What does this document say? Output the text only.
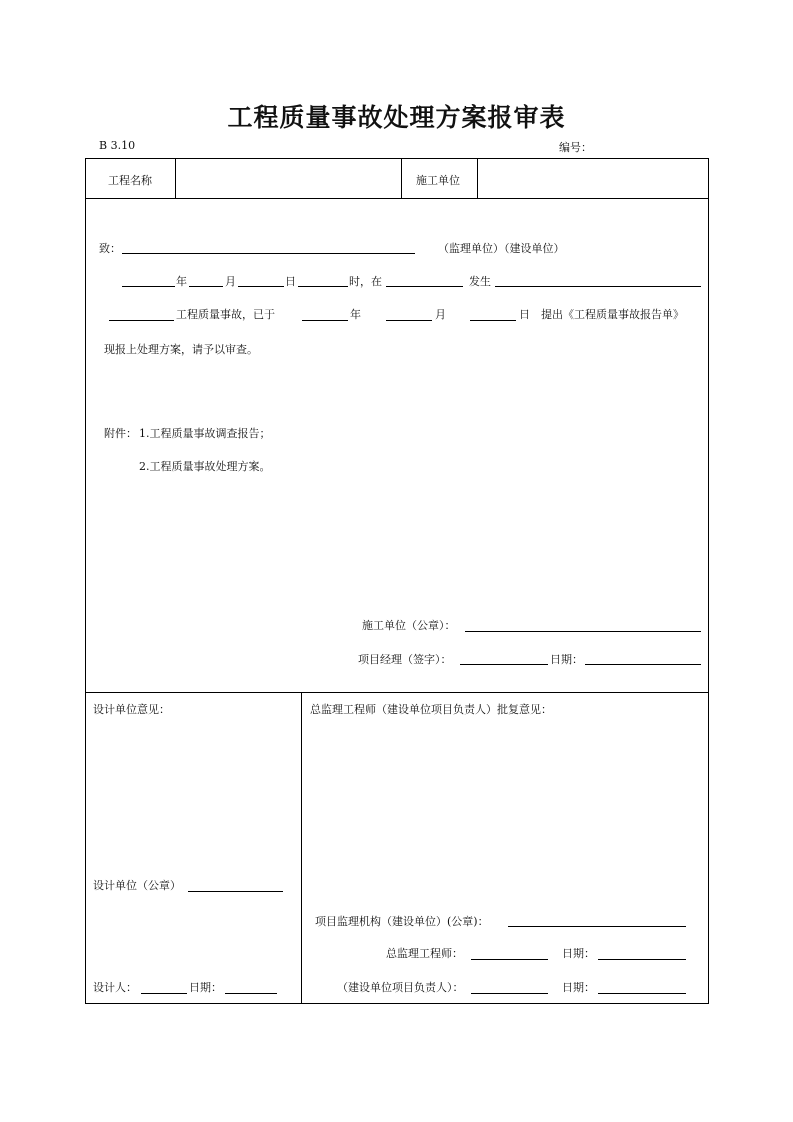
工程质量事故处理方案报审表
B 3.10	编号：
工程名称	施工单位
致：	（监理单位）（建设单位）
年	月	日	时，在	发生
工程质量事故，已于	年	月	日 提出《工程质量事故报告单》
现报上处理方案，请予以审查。
附件： 1.工程质量事故调查报告；
2.工程质量事故处理方案。
施工单位（公章）：
项目经理（签字）：	日期：
设计单位意见：
设计单位（公章）
设计人：	日期：
总监理工程师（建设单位项目负责人）批复意见：
项目监理机构（建设单位）(公章)：
总监理工程师：	日期：
（建设单位项目负责人）：	日期：
